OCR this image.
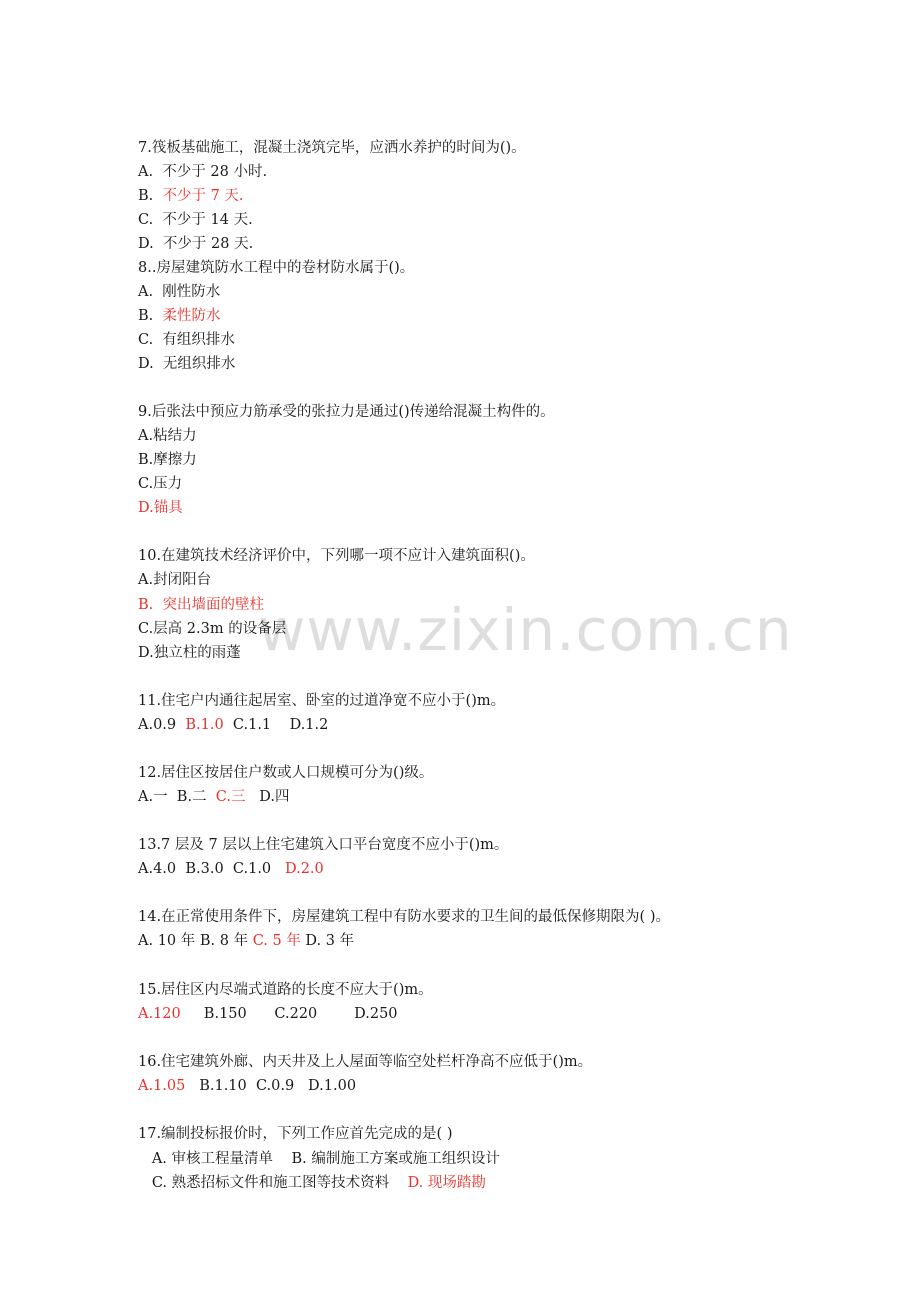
www.zixin.com.cn
7.筏板基础施工，混凝土浇筑完毕，应洒水养护的时间为()。
A.  不少于 28 小时.
B.  不少于 7 天.
C.  不少于 14 天.
D.  不少于 28 天.
8..房屋建筑防水工程中的卷材防水属于()。
A.  刚性防水
B.  柔性防水
C.  有组织排水
D.  无组织排水
9.后张法中预应力筋承受的张拉力是通过()传递给混凝土构件的。
A.粘结力
B.摩擦力
C.压力
D.锚具
10.在建筑技术经济评价中，下列哪一项不应计入建筑面积()。
A.封闭阳台
B.  突出墙面的壁柱
C.层高 2.3m 的设备层
D.独立柱的雨蓬
11.住宅户内通往起居室、卧室的过道净宽不应小于()m。
A.0.9  B.1.0  C.1.1    D.1.2
12.居住区按居住户数或人口规模可分为()级。
A.一  B.二  C.三   D.四
13.7 层及 7 层以上住宅建筑入口平台宽度不应小于()m。
A.4.0  B.3.0  C.1.0   D.2.0
14.在正常使用条件下，房屋建筑工程中有防水要求的卫生间的最低保修期限为( )。
A. 10 年 B. 8 年 C. 5 年 D. 3 年
15.居住区内尽端式道路的长度不应大于()m。
A.120     B.150      C.220        D.250
16.住宅建筑外廊、内天井及上人屋面等临空处栏杆净高不应低于()m。
A.1.05   B.1.10  C.0.9   D.1.00
17.编制投标报价时，下列工作应首先完成的是( )
A. 审核工程量清单    B. 编制施工方案或施工组织设计
C. 熟悉招标文件和施工图等技术资料    D. 现场踏勘
